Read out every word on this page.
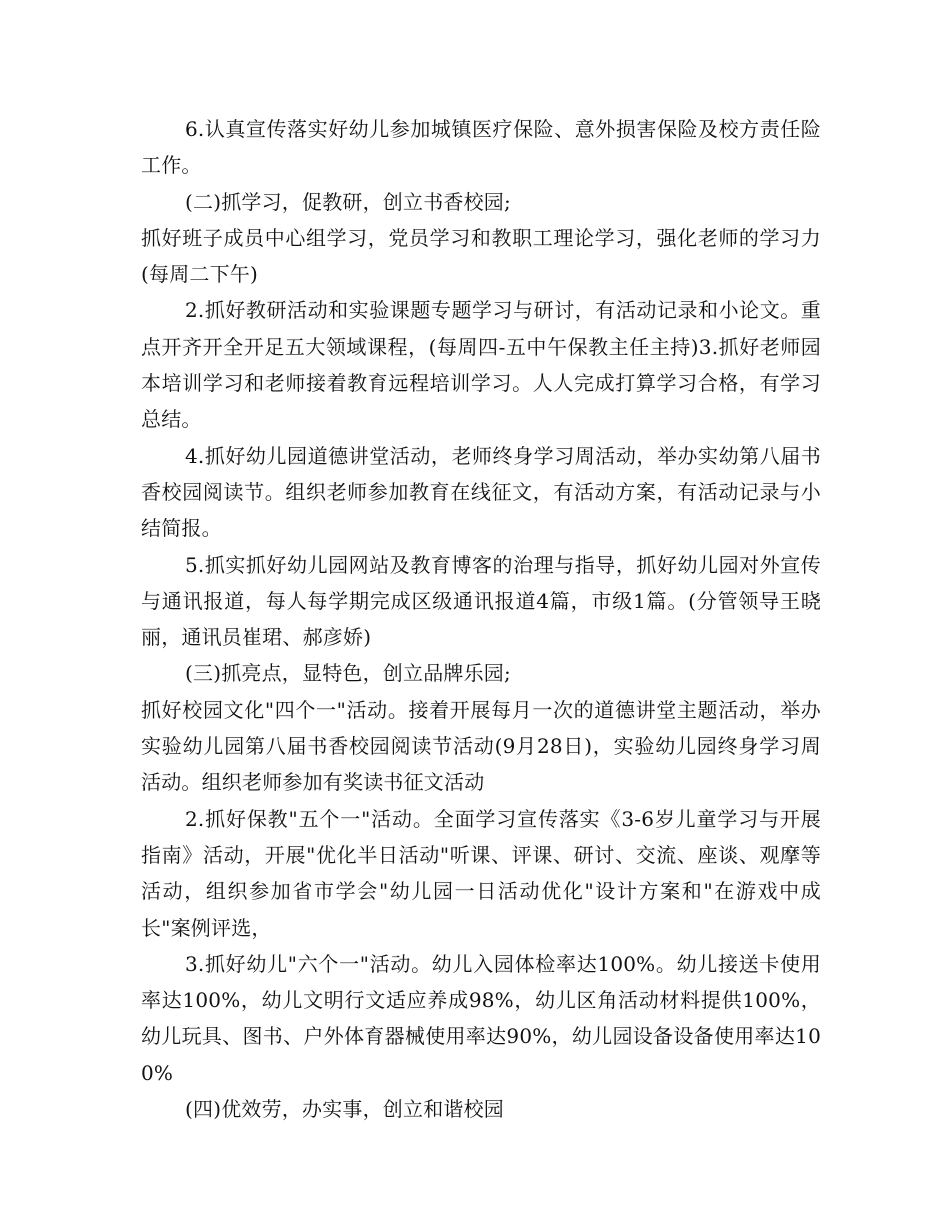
6.认真宣传落实好幼儿参加城镇医疗保险、意外损害保险及校方责任险工作。

(二)抓学习，促教研，创立书香校园;

抓好班子成员中心组学习，党员学习和教职工理论学习，强化老师的学习力(每周二下午)

2.抓好教研活动和实验课题专题学习与研讨，有活动记录和小论文。重点开齐开全开足五大领域课程，(每周四-五中午保教主任主持)3.抓好老师园本培训学习和老师接着教育远程培训学习。人人完成打算学习合格，有学习总结。

4.抓好幼儿园道德讲堂活动，老师终身学习周活动，举办实幼第八届书香校园阅读节。组织老师参加教育在线征文，有活动方案，有活动记录与小结简报。

5.抓实抓好幼儿园网站及教育博客的治理与指导，抓好幼儿园对外宣传与通讯报道，每人每学期完成区级通讯报道4篇，市级1篇。(分管领导王晓丽，通讯员崔珺、郝彦娇)

(三)抓亮点，显特色，创立品牌乐园;

抓好校园文化"四个一"活动。接着开展每月一次的道德讲堂主题活动，举办实验幼儿园第八届书香校园阅读节活动(9月28日)，实验幼儿园终身学习周活动。组织老师参加有奖读书征文活动

2.抓好保教"五个一"活动。全面学习宣传落实《3-6岁儿童学习与开展指南》活动，开展"优化半日活动"听课、评课、研讨、交流、座谈、观摩等活动，组织参加省市学会"幼儿园一日活动优化"设计方案和"在游戏中成长"案例评选，

3.抓好幼儿"六个一"活动。幼儿入园体检率达100%。幼儿接送卡使用率达100%，幼儿文明行文适应养成98%，幼儿区角活动材料提供100%，幼儿玩具、图书、户外体育器械使用率达90%，幼儿园设备设备使用率达100%

(四)优效劳，办实事，创立和谐校园
